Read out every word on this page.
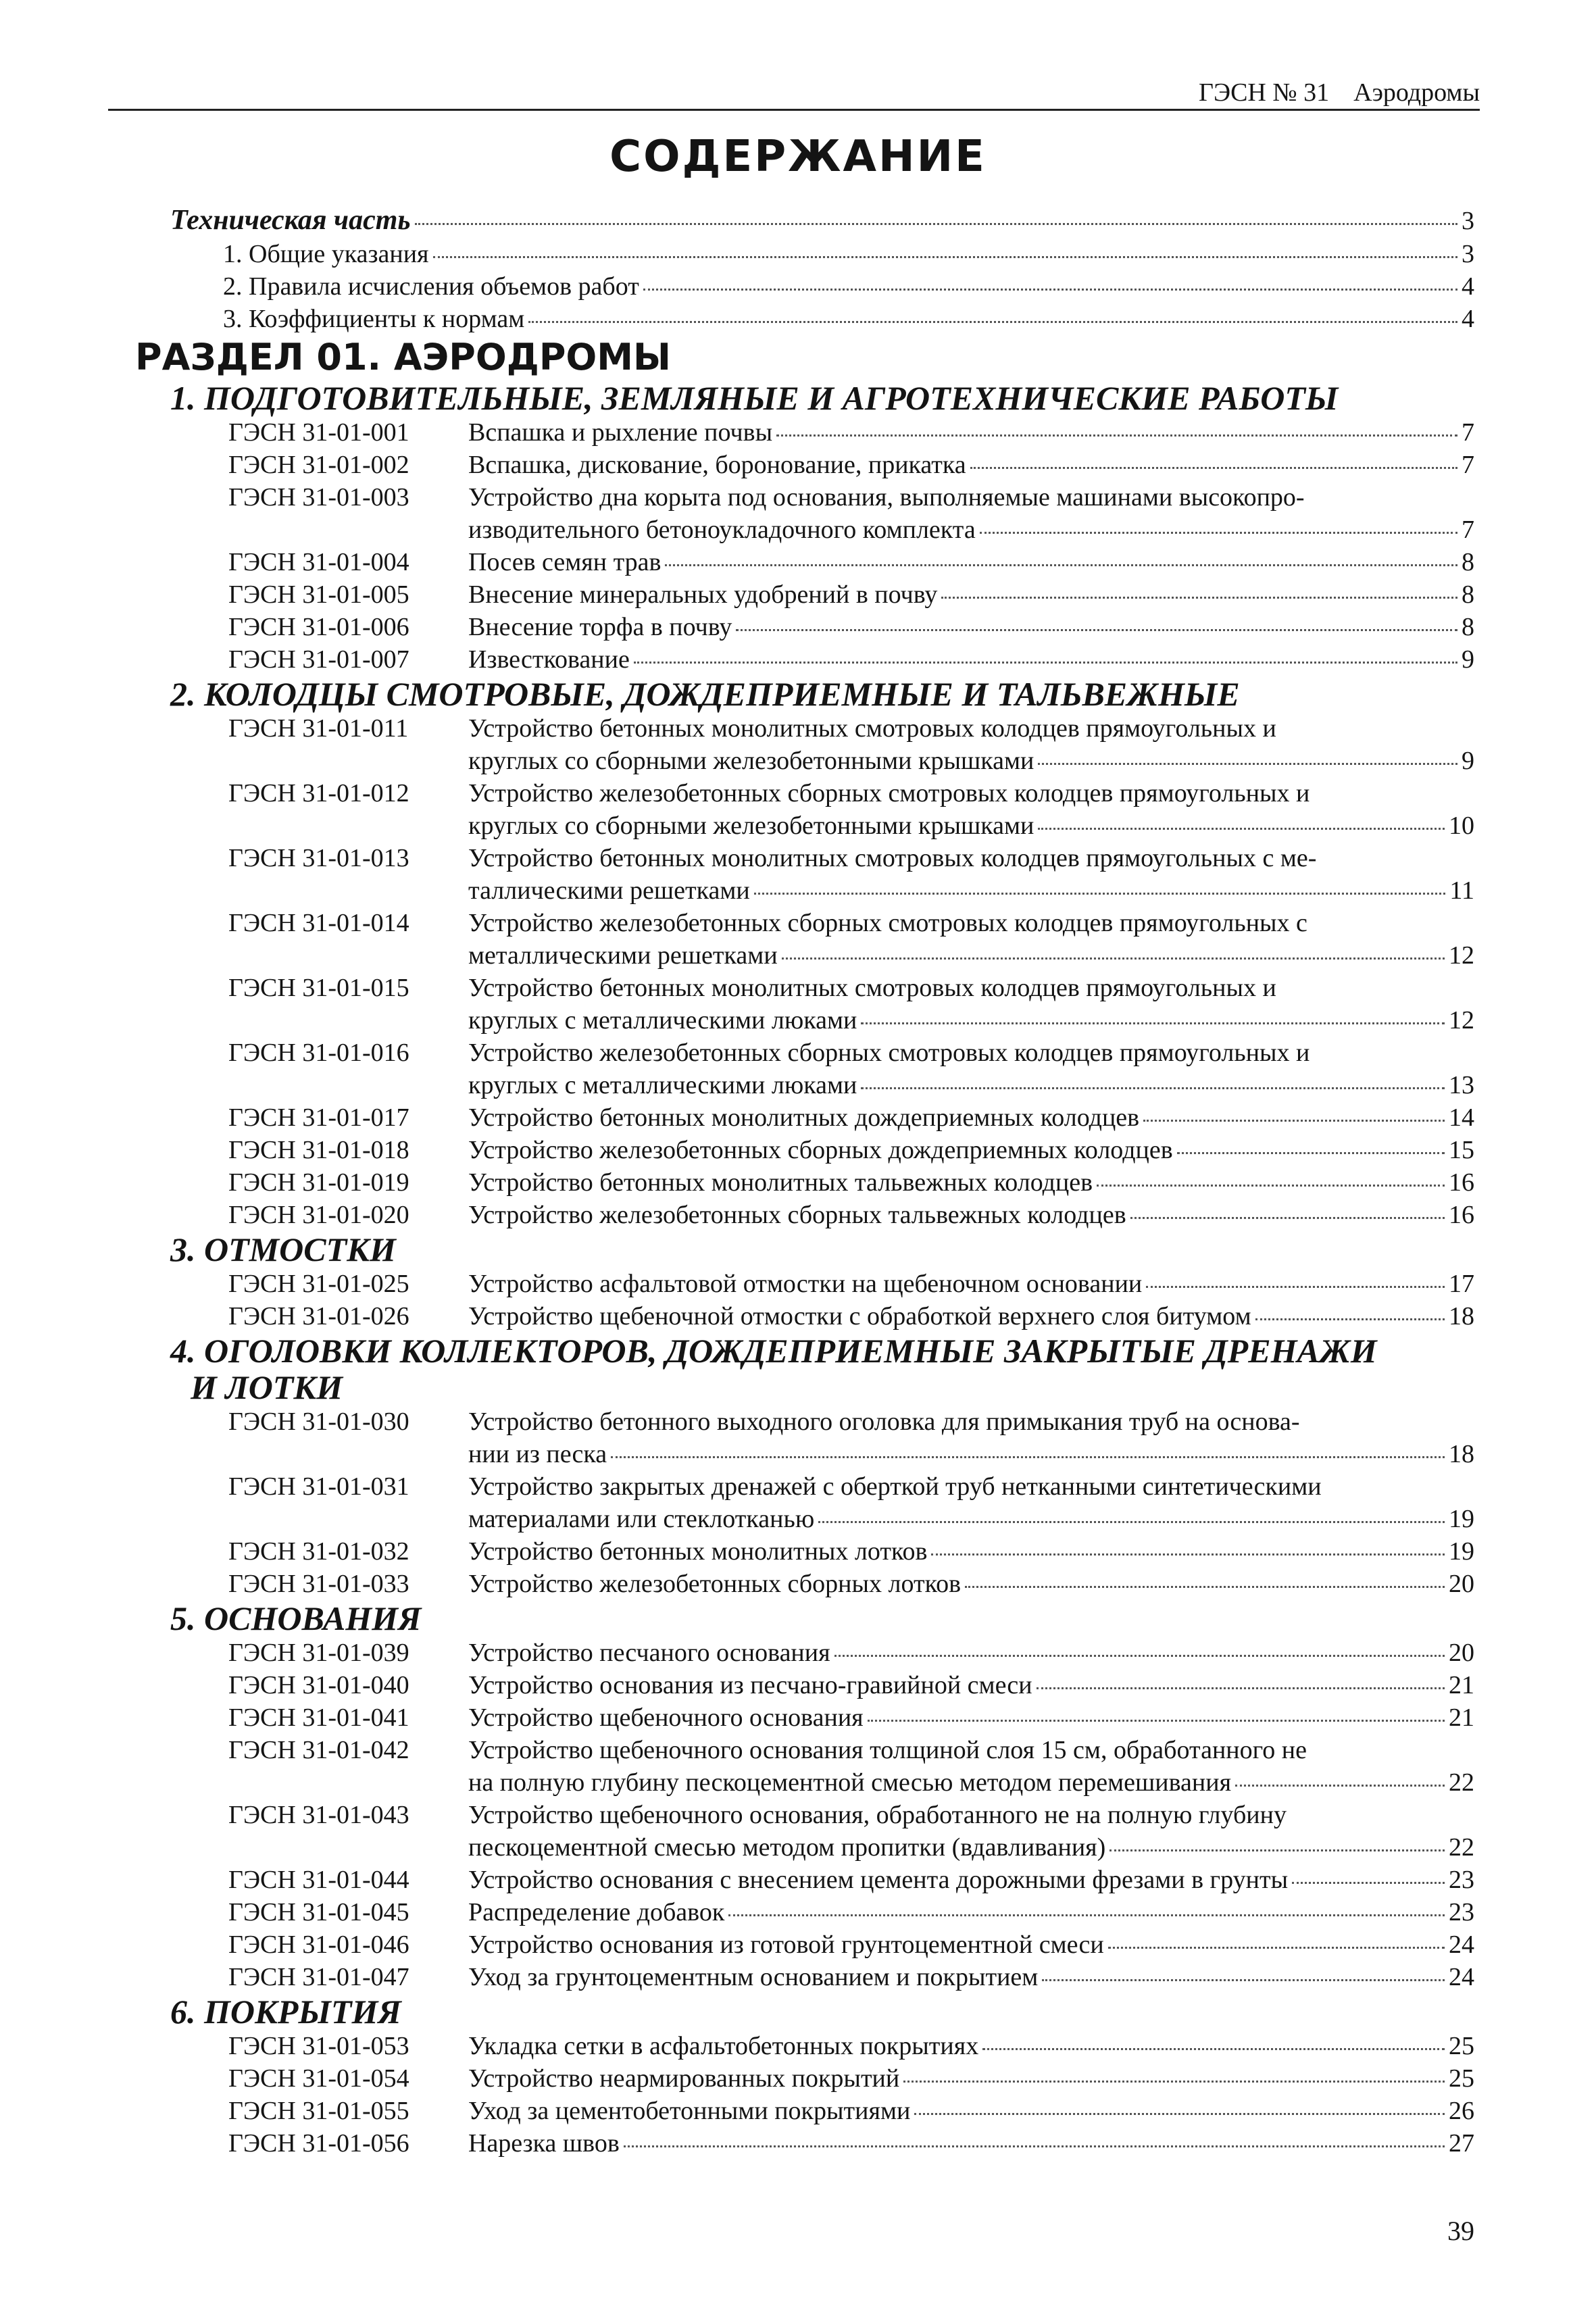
ГЭСН № 31 Аэродромы
СОДЕРЖАНИЕ
Техническая часть	3
1. Общие указания	3
2. Правила исчисления объемов работ	4
3. Коэффициенты к нормам	4
РАЗДЕЛ 01. АЭРОДРОМЫ
1. ПОДГОТОВИТЕЛЬНЫЕ, ЗЕМЛЯНЫЕ И АГРОТЕХНИЧЕСКИЕ РАБОТЫ
ГЭСН 31-01-001 Вспашка и рыхление почвы	7
ГЭСН 31-01-002 Вспашка, дискование, боронование, прикатка	7
ГЭСН 31-01-003 Устройство дна корыта под основания, выполняемые машинами высокопро-
изводительного бетоноукладочного комплекта	7
ГЭСН 31-01-004 Посев семян трав	8
ГЭСН 31-01-005 Внесение минеральных удобрений в почву	8
ГЭСН 31-01-006 Внесение торфа в почву	8
ГЭСН 31-01-007 Известкование	9
2. КОЛОДЦЫ СМОТРОВЫЕ, ДОЖДЕПРИЕМНЫЕ И ТАЛЬВЕЖНЫЕ
ГЭСН 31-01-011 Устройство бетонных монолитных смотровых колодцев прямоугольных и
круглых со сборными железобетонными крышками	9
ГЭСН 31-01-012 Устройство железобетонных сборных смотровых колодцев прямоугольных и
круглых со сборными железобетонными крышками	10
ГЭСН 31-01-013 Устройство бетонных монолитных смотровых колодцев прямоугольных с ме-
таллическими решетками	11
ГЭСН 31-01-014 Устройство железобетонных сборных смотровых колодцев прямоугольных с
металлическими решетками	12
ГЭСН 31-01-015 Устройство бетонных монолитных смотровых колодцев прямоугольных и
круглых с металлическими люками	12
ГЭСН 31-01-016 Устройство железобетонных сборных смотровых колодцев прямоугольных и
круглых с металлическими люками	13
ГЭСН 31-01-017 Устройство бетонных монолитных дождеприемных колодцев	14
ГЭСН 31-01-018 Устройство железобетонных сборных дождеприемных колодцев	15
ГЭСН 31-01-019 Устройство бетонных монолитных тальвежных колодцев	16
ГЭСН 31-01-020 Устройство железобетонных сборных тальвежных колодцев	16
3. ОТМОСТКИ
ГЭСН 31-01-025 Устройство асфальтовой отмостки на щебеночном основании	17
ГЭСН 31-01-026 Устройство щебеночной отмостки с обработкой верхнего слоя битумом	18
4. ОГОЛОВКИ КОЛЛЕКТОРОВ, ДОЖДЕПРИЕМНЫЕ ЗАКРЫТЫЕ ДРЕНАЖИ
И ЛОТКИ
ГЭСН 31-01-030 Устройство бетонного выходного оголовка для примыкания труб на основа-
нии из песка	18
ГЭСН 31-01-031 Устройство закрытых дренажей с оберткой труб нетканными синтетическими
материалами или стеклотканью	19
ГЭСН 31-01-032 Устройство бетонных монолитных лотков	19
ГЭСН 31-01-033 Устройство железобетонных сборных лотков	20
5. ОСНОВАНИЯ
ГЭСН 31-01-039 Устройство песчаного основания	20
ГЭСН 31-01-040 Устройство основания из песчано-гравийной смеси	21
ГЭСН 31-01-041 Устройство щебеночного основания	21
ГЭСН 31-01-042 Устройство щебеночного основания толщиной слоя 15 см, обработанного не
на полную глубину пескоцементной смесью методом перемешивания	22
ГЭСН 31-01-043 Устройство щебеночного основания, обработанного не на полную глубину
пескоцементной смесью методом пропитки (вдавливания)	22
ГЭСН 31-01-044 Устройство основания с внесением цемента дорожными фрезами в грунты	23
ГЭСН 31-01-045 Распределение добавок	23
ГЭСН 31-01-046 Устройство основания из готовой грунтоцементной смеси	24
ГЭСН 31-01-047 Уход за грунтоцементным основанием и покрытием	24
6. ПОКРЫТИЯ
ГЭСН 31-01-053 Укладка сетки в асфальтобетонных покрытиях	25
ГЭСН 31-01-054 Устройство неармированных покрытий	25
ГЭСН 31-01-055 Уход за цементобетонными покрытиями	26
ГЭСН 31-01-056 Нарезка швов	27
39
